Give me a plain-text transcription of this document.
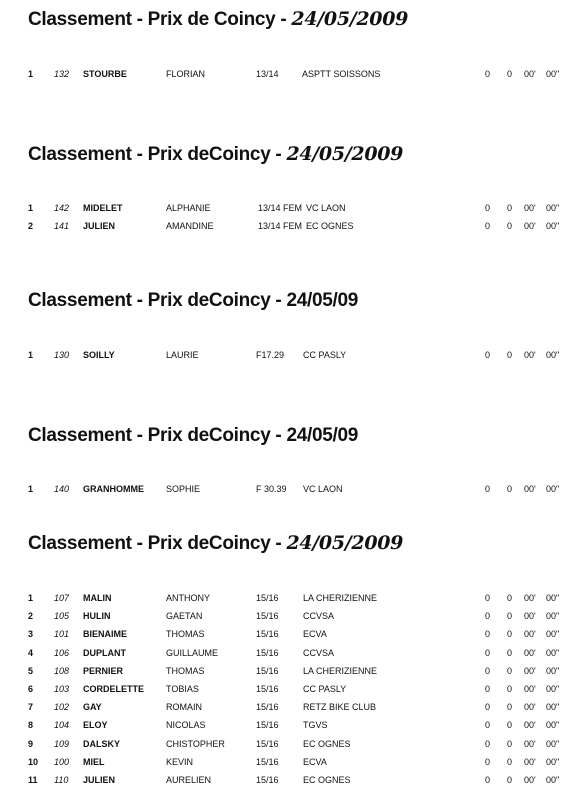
Classement - Prix de Coincy - 24/05/2009
1 132 STOURBE	FLORIAN	13/14	ASPTT SOISSONS	0 0 00' 00"
Classement - Prix deCoincy - 24/05/2009
1 142 MIDELET	ALPHANIE	13/14 FEM VC LAON	0 0 00' 00"
2 141 JULIEN	AMANDINE	13/14 FEM EC OGNES	0 0 00' 00"
Classement - Prix deCoincy - 24/05/09
1 130 SOILLY	LAURIE	F17.29 CC PASLY	0 0 00' 00"
Classement - Prix deCoincy - 24/05/09
1 140 GRANHOMME SOPHIE	F 30.39 VC LAON	0 0 00' 00"
Classement - Prix deCoincy - 24/05/2009
1 107 MALIN	ANTHONY	15/16	LA CHERIZIENNE	0 0 00' 00"
2 105 HULIN	GAETAN	15/16	CCVSA	0 0 00' 00"
3 101 BIENAIME	THOMAS	15/16	ECVA	0 0 00' 00"
4 106 DUPLANT	GUILLAUME	15/16	CCVSA	0 0 00' 00"
5 108 PERNIER	THOMAS	15/16	LA CHERIZIENNE	0 0 00' 00"
6 103 CORDELETTE TOBIAS	15/16	CC PASLY	0 0 00' 00"
7 102 GAY	ROMAIN	15/16	RETZ BIKE CLUB	0 0 00' 00"
8 104 ELOY	NICOLAS	15/16	TGVS	0 0 00' 00"
9 109 DALSKY	CHISTOPHER	15/16	EC OGNES	0 0 00' 00"
10 100 MIEL	KEVIN	15/16	ECVA	0 0 00' 00"
11 110 JULIEN	AURELIEN	15/16	EC OGNES	0 0 00' 00"
